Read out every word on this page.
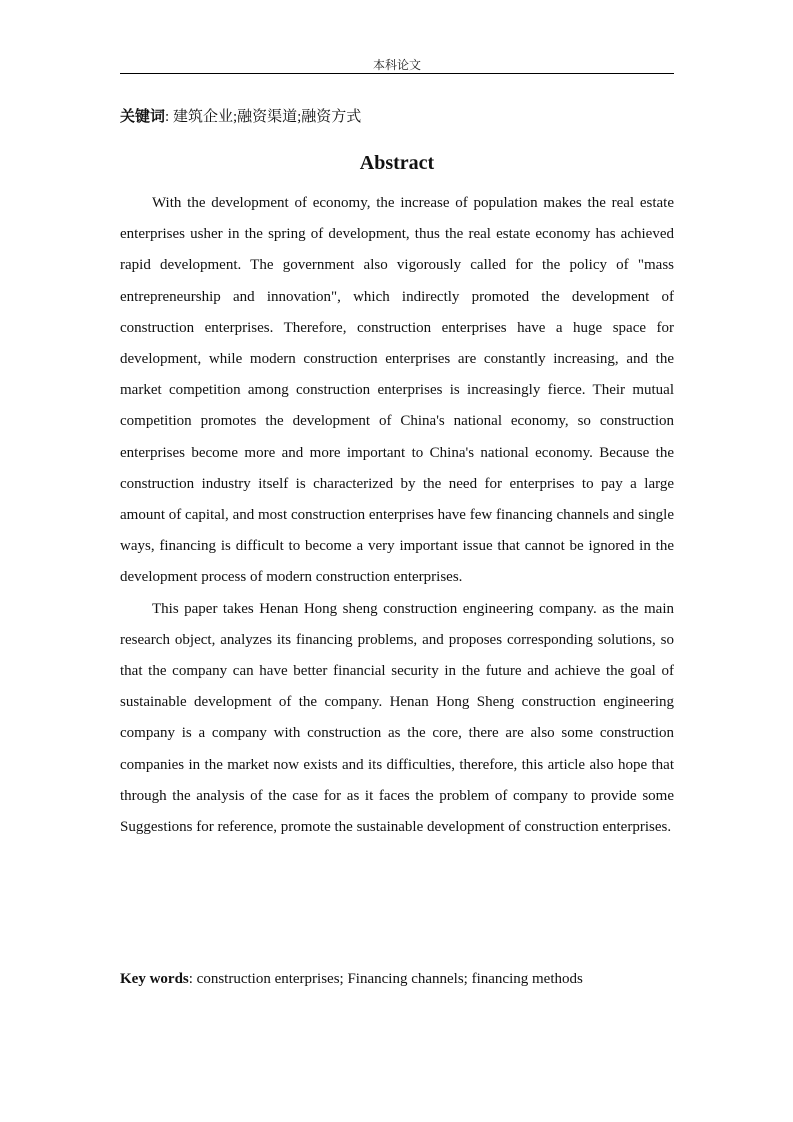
本科论文
关键词: 建筑企业;融资渠道;融资方式
Abstract

With the development of economy, the increase of population makes the real estate enterprises usher in the spring of development, thus the real estate economy has achieved rapid development. The government also vigorously called for the policy of "mass entrepreneurship and innovation", which indirectly promoted the development of construction enterprises. Therefore, construction enterprises have a huge space for development, while modern construction enterprises are constantly increasing, and the market competition among construction enterprises is increasingly fierce. Their mutual competition promotes the development of China's national economy, so construction enterprises become more and more important to China's national economy. Because the construction industry itself is characterized by the need for enterprises to pay a large amount of capital, and most construction enterprises have few financing channels and single ways, financing is difficult to become a very important issue that cannot be ignored in the development process of modern construction enterprises.

This paper takes Henan Hong sheng construction engineering company. as the main research object, analyzes its financing problems, and proposes corresponding solutions, so that the company can have better financial security in the future and achieve the goal of sustainable development of the company. Henan Hong Sheng construction engineering company is a company with construction as the core, there are also some construction companies in the market now exists and its difficulties, therefore, this article also hope that through the analysis of the case for as it faces the problem of company to provide some Suggestions for reference, promote the sustainable development of construction enterprises.

Key words: construction enterprises; Financing channels; financing methods
